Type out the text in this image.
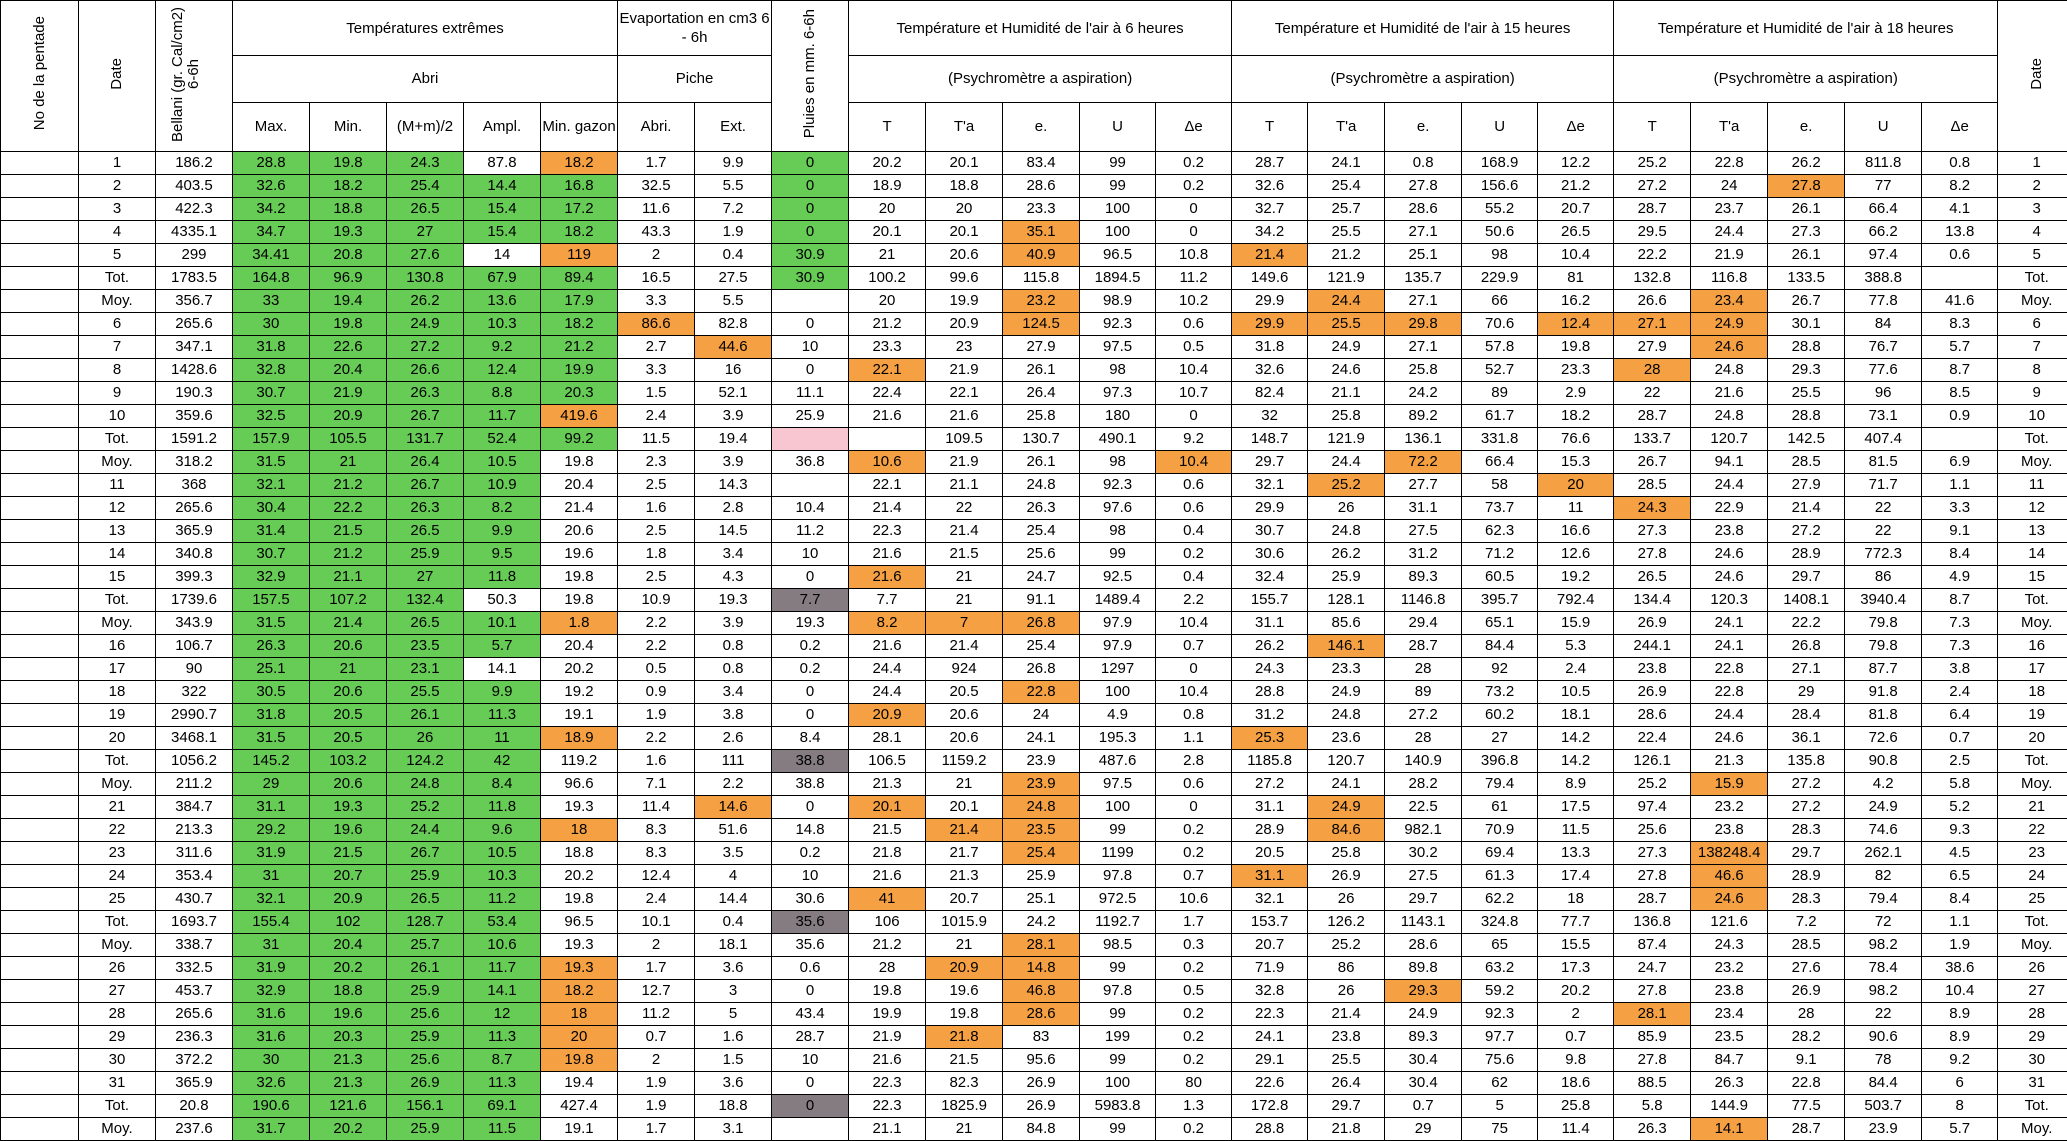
No de la pentade	Date	Bellani (gr. Cal/cm2) 6-6h	Températures extrêmes					Evaportation en cm3 6 - 6h		Pluies en mm. 6-6h	Température et Humidité de l'air à 6 heures					Température et Humidité de l'air à 15 heures					Température et Humidité de l'air à 18 heures					Date
			Abri					Piche			(Psychromètre a aspiration)					(Psychromètre a aspiration)					(Psychromètre a aspiration)					
			Max.	Min.	(M+m)/2	Ampl.	Min. gazon	Abri.	Ext.		T	T'a	e.	U	Δe	T	T'a	e.	U	Δe	T	T'a	e.	U	Δe	
	1	186.2	28.8	19.8	24.3	87.8	18.2	1.7	9.9	0	20.2	20.1	83.4	99	0.2	28.7	24.1	0.8	168.9	12.2	25.2	22.8	26.2	811.8	0.8	1
	2	403.5	32.6	18.2	25.4	14.4	16.8	32.5	5.5	0	18.9	18.8	28.6	99	0.2	32.6	25.4	27.8	156.6	21.2	27.2	24	27.8	77	8.2	2
	3	422.3	34.2	18.8	26.5	15.4	17.2	11.6	7.2	0	20	20	23.3	100	0	32.7	25.7	28.6	55.2	20.7	28.7	23.7	26.1	66.4	4.1	3
	4	4335.1	34.7	19.3	27	15.4	18.2	43.3	1.9	0	20.1	20.1	35.1	100	0	34.2	25.5	27.1	50.6	26.5	29.5	24.4	27.3	66.2	13.8	4
	5	299	34.41	20.8	27.6	14	119	2	0.4	30.9	21	20.6	40.9	96.5	10.8	21.4	21.2	25.1	98	10.4	22.2	21.9	26.1	97.4	0.6	5
	Tot.	1783.5	164.8	96.9	130.8	67.9	89.4	16.5	27.5	30.9	100.2	99.6	115.8	1894.5	11.2	149.6	121.9	135.7	229.9	81	132.8	116.8	133.5	388.8		Tot.
	Moy.	356.7	33	19.4	26.2	13.6	17.9	3.3	5.5		20	19.9	23.2	98.9	10.2	29.9	24.4	27.1	66	16.2	26.6	23.4	26.7	77.8	41.6	Moy.
	6	265.6	30	19.8	24.9	10.3	18.2	86.6	82.8	0	21.2	20.9	124.5	92.3	0.6	29.9	25.5	29.8	70.6	12.4	27.1	24.9	30.1	84	8.3	6
	7	347.1	31.8	22.6	27.2	9.2	21.2	2.7	44.6	10	23.3	23	27.9	97.5	0.5	31.8	24.9	27.1	57.8	19.8	27.9	24.6	28.8	76.7	5.7	7
	8	1428.6	32.8	20.4	26.6	12.4	19.9	3.3	16	0	22.1	21.9	26.1	98	10.4	32.6	24.6	25.8	52.7	23.3	28	24.8	29.3	77.6	8.7	8
	9	190.3	30.7	21.9	26.3	8.8	20.3	1.5	52.1	11.1	22.4	22.1	26.4	97.3	10.7	82.4	21.1	24.2	89	2.9	22	21.6	25.5	96	8.5	9
	10	359.6	32.5	20.9	26.7	11.7	419.6	2.4	3.9	25.9	21.6	21.6	25.8	180	0	32	25.8	89.2	61.7	18.2	28.7	24.8	28.8	73.1	0.9	10
	Tot.	1591.2	157.9	105.5	131.7	52.4	99.2	11.5	19.4			109.5	130.7	490.1	9.2	148.7	121.9	136.1	331.8	76.6	133.7	120.7	142.5	407.4		Tot.
	Moy.	318.2	31.5	21	26.4	10.5	19.8	2.3	3.9	36.8	10.6	21.9	26.1	98	10.4	29.7	24.4	72.2	66.4	15.3	26.7	94.1	28.5	81.5	6.9	Moy.
	11	368	32.1	21.2	26.7	10.9	20.4	2.5	14.3		22.1	21.1	24.8	92.3	0.6	32.1	25.2	27.7	58	20	28.5	24.4	27.9	71.7	1.1	11
	12	265.6	30.4	22.2	26.3	8.2	21.4	1.6	2.8	10.4	21.4	22	26.3	97.6	0.6	29.9	26	31.1	73.7	11	24.3	22.9	21.4	22	3.3	12
	13	365.9	31.4	21.5	26.5	9.9	20.6	2.5	14.5	11.2	22.3	21.4	25.4	98	0.4	30.7	24.8	27.5	62.3	16.6	27.3	23.8	27.2	22	9.1	13
	14	340.8	30.7	21.2	25.9	9.5	19.6	1.8	3.4	10	21.6	21.5	25.6	99	0.2	30.6	26.2	31.2	71.2	12.6	27.8	24.6	28.9	772.3	8.4	14
	15	399.3	32.9	21.1	27	11.8	19.8	2.5	4.3	0	21.6	21	24.7	92.5	0.4	32.4	25.9	89.3	60.5	19.2	26.5	24.6	29.7	86	4.9	15
	Tot.	1739.6	157.5	107.2	132.4	50.3	19.8	10.9	19.3	7.7	7.7	21	91.1	1489.4	2.2	155.7	128.1	1146.8	395.7	792.4	134.4	120.3	1408.1	3940.4	8.7	Tot.
	Moy.	343.9	31.5	21.4	26.5	10.1	1.8	2.2	3.9	19.3	8.2	7	26.8	97.9	10.4	31.1	85.6	29.4	65.1	15.9	26.9	24.1	22.2	79.8	7.3	Moy.
	16	106.7	26.3	20.6	23.5	5.7	20.4	2.2	0.8	0.2	21.6	21.4	25.4	97.9	0.7	26.2	146.1	28.7	84.4	5.3	244.1	24.1	26.8	79.8	7.3	16
	17	90	25.1	21	23.1	14.1	20.2	0.5	0.8	0.2	24.4	924	26.8	1297	0	24.3	23.3	28	92	2.4	23.8	22.8	27.1	87.7	3.8	17
	18	322	30.5	20.6	25.5	9.9	19.2	0.9	3.4	0	24.4	20.5	22.8	100	10.4	28.8	24.9	89	73.2	10.5	26.9	22.8	29	91.8	2.4	18
	19	2990.7	31.8	20.5	26.1	11.3	19.1	1.9	3.8	0	20.9	20.6	24	4.9	0.8	31.2	24.8	27.2	60.2	18.1	28.6	24.4	28.4	81.8	6.4	19
	20	3468.1	31.5	20.5	26	11	18.9	2.2	2.6	8.4	28.1	20.6	24.1	195.3	1.1	25.3	23.6	28	27	14.2	22.4	24.6	36.1	72.6	0.7	20
	Tot.	1056.2	145.2	103.2	124.2	42	119.2	1.6	111	38.8	106.5	1159.2	23.9	487.6	2.8	1185.8	120.7	140.9	396.8	14.2	126.1	21.3	135.8	90.8	2.5	Tot.
	Moy.	211.2	29	20.6	24.8	8.4	96.6	7.1	2.2	38.8	21.3	21	23.9	97.5	0.6	27.2	24.1	28.2	79.4	8.9	25.2	15.9	27.2	4.2	5.8	Moy.
	21	384.7	31.1	19.3	25.2	11.8	19.3	11.4	14.6	0	20.1	20.1	24.8	100	0	31.1	24.9	22.5	61	17.5	97.4	23.2	27.2	24.9	5.2	21
	22	213.3	29.2	19.6	24.4	9.6	18	8.3	51.6	14.8	21.5	21.4	23.5	99	0.2	28.9	84.6	982.1	70.9	11.5	25.6	23.8	28.3	74.6	9.3	22
	23	311.6	31.9	21.5	26.7	10.5	18.8	8.3	3.5	0.2	21.8	21.7	25.4	1199	0.2	20.5	25.8	30.2	69.4	13.3	27.3	138248.4	29.7	262.1	4.5	23
	24	353.4	31	20.7	25.9	10.3	20.2	12.4	4	10	21.6	21.3	25.9	97.8	0.7	31.1	26.9	27.5	61.3	17.4	27.8	46.6	28.9	82	6.5	24
	25	430.7	32.1	20.9	26.5	11.2	19.8	2.4	14.4	30.6	41	20.7	25.1	972.5	10.6	32.1	26	29.7	62.2	18	28.7	24.6	28.3	79.4	8.4	25
	Tot.	1693.7	155.4	102	128.7	53.4	96.5	10.1	0.4	35.6	106	1015.9	24.2	1192.7	1.7	153.7	126.2	1143.1	324.8	77.7	136.8	121.6	7.2	72	1.1	Tot.
	Moy.	338.7	31	20.4	25.7	10.6	19.3	2	18.1	35.6	21.2	21	28.1	98.5	0.3	20.7	25.2	28.6	65	15.5	87.4	24.3	28.5	98.2	1.9	Moy.
	26	332.5	31.9	20.2	26.1	11.7	19.3	1.7	3.6	0.6	28	20.9	14.8	99	0.2	71.9	86	89.8	63.2	17.3	24.7	23.2	27.6	78.4	38.6	26
	27	453.7	32.9	18.8	25.9	14.1	18.2	12.7	3	0	19.8	19.6	46.8	97.8	0.5	32.8	26	29.3	59.2	20.2	27.8	23.8	26.9	98.2	10.4	27
	28	265.6	31.6	19.6	25.6	12	18	11.2	5	43.4	19.9	19.8	28.6	99	0.2	22.3	21.4	24.9	92.3	2	28.1	23.4	28	22	8.9	28
	29	236.3	31.6	20.3	25.9	11.3	20	0.7	1.6	28.7	21.9	21.8	83	199	0.2	24.1	23.8	89.3	97.7	0.7	85.9	23.5	28.2	90.6	8.9	29
	30	372.2	30	21.3	25.6	8.7	19.8	2	1.5	10	21.6	21.5	95.6	99	0.2	29.1	25.5	30.4	75.6	9.8	27.8	84.7	9.1	78	9.2	30
	31	365.9	32.6	21.3	26.9	11.3	19.4	1.9	3.6	0	22.3	82.3	26.9	100	80	22.6	26.4	30.4	62	18.6	88.5	26.3	22.8	84.4	6	31
	Tot.	20.8	190.6	121.6	156.1	69.1	427.4	1.9	18.8	0	22.3	1825.9	26.9	5983.8	1.3	172.8	29.7	0.7	5	25.8	5.8	144.9	77.5	503.7	8	Tot.
	Moy.	237.6	31.7	20.2	25.9	11.5	19.1	1.7	3.1		21.1	21	84.8	99	0.2	28.8	21.8	29	75	11.4	26.3	14.1	28.7	23.9	5.7	Moy.
